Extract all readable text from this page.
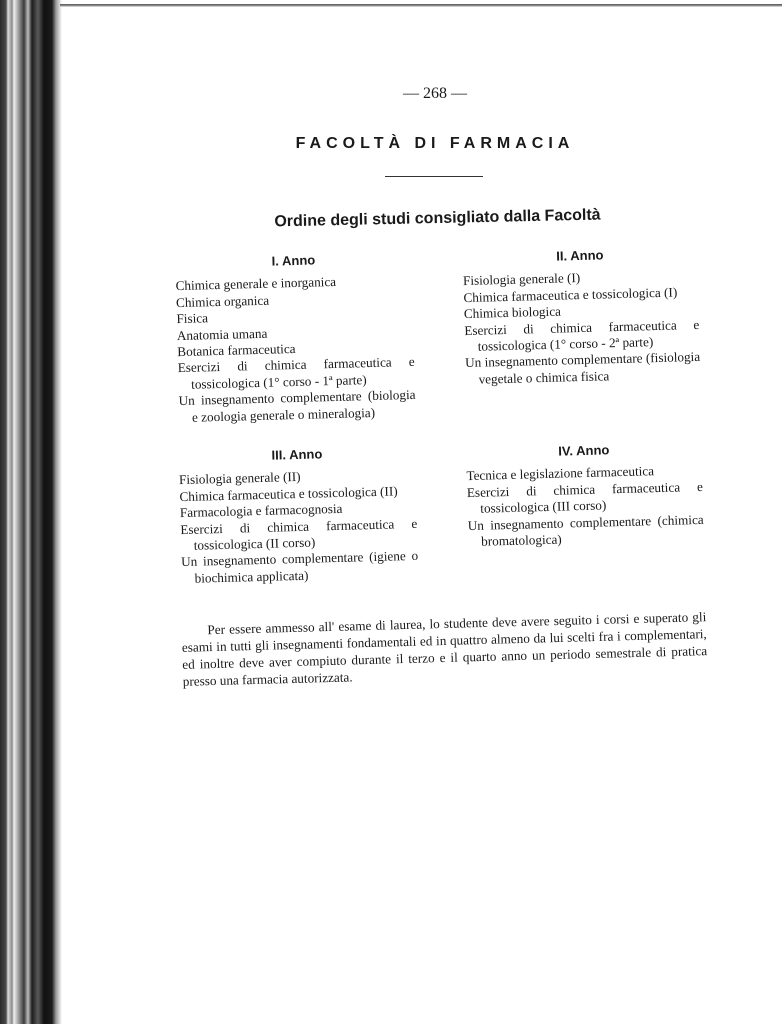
— 268 —
FACOLTÀ DI FARMACIA
Ordine degli studi consigliato dalla Facoltà
I. Anno
Chimica generale e inorganica
Chimica organica
Fisica
Anatomia umana
Botanica farmaceutica
Esercizi di chimica farmaceutica e tossicologica (1° corso - 1ª parte)
Un insegnamento complementare (biologia e zoologia generale o mineralogia)
II. Anno
Fisiologia generale (I)
Chimica farmaceutica e tossicologica (I)
Chimica biologica
Esercizi di chimica farmaceutica e tossicologica (1° corso - 2ª parte)
Un insegnamento complementare (fisiologia vegetale o chimica fisica
III. Anno
Fisiologia generale (II)
Chimica farmaceutica e tossicologica (II)
Farmacologia e farmacognosia
Esercizi di chimica farmaceutica e tossicologica (II corso)
Un insegnamento complementare (igiene o biochimica applicata)
IV. Anno
Tecnica e legislazione farmaceutica
Esercizi di chimica farmaceutica e tossicologica (III corso)
Un insegnamento complementare (chimica bromatologica)

Per essere ammesso all' esame di laurea, lo studente deve avere seguito i corsi e superato gli esami in tutti gli insegnamenti fondamentali ed in quattro almeno da lui scelti fra i complementari, ed inoltre deve aver compiuto durante il terzo e il quarto anno un periodo semestrale di pratica presso una farmacia autorizzata.
